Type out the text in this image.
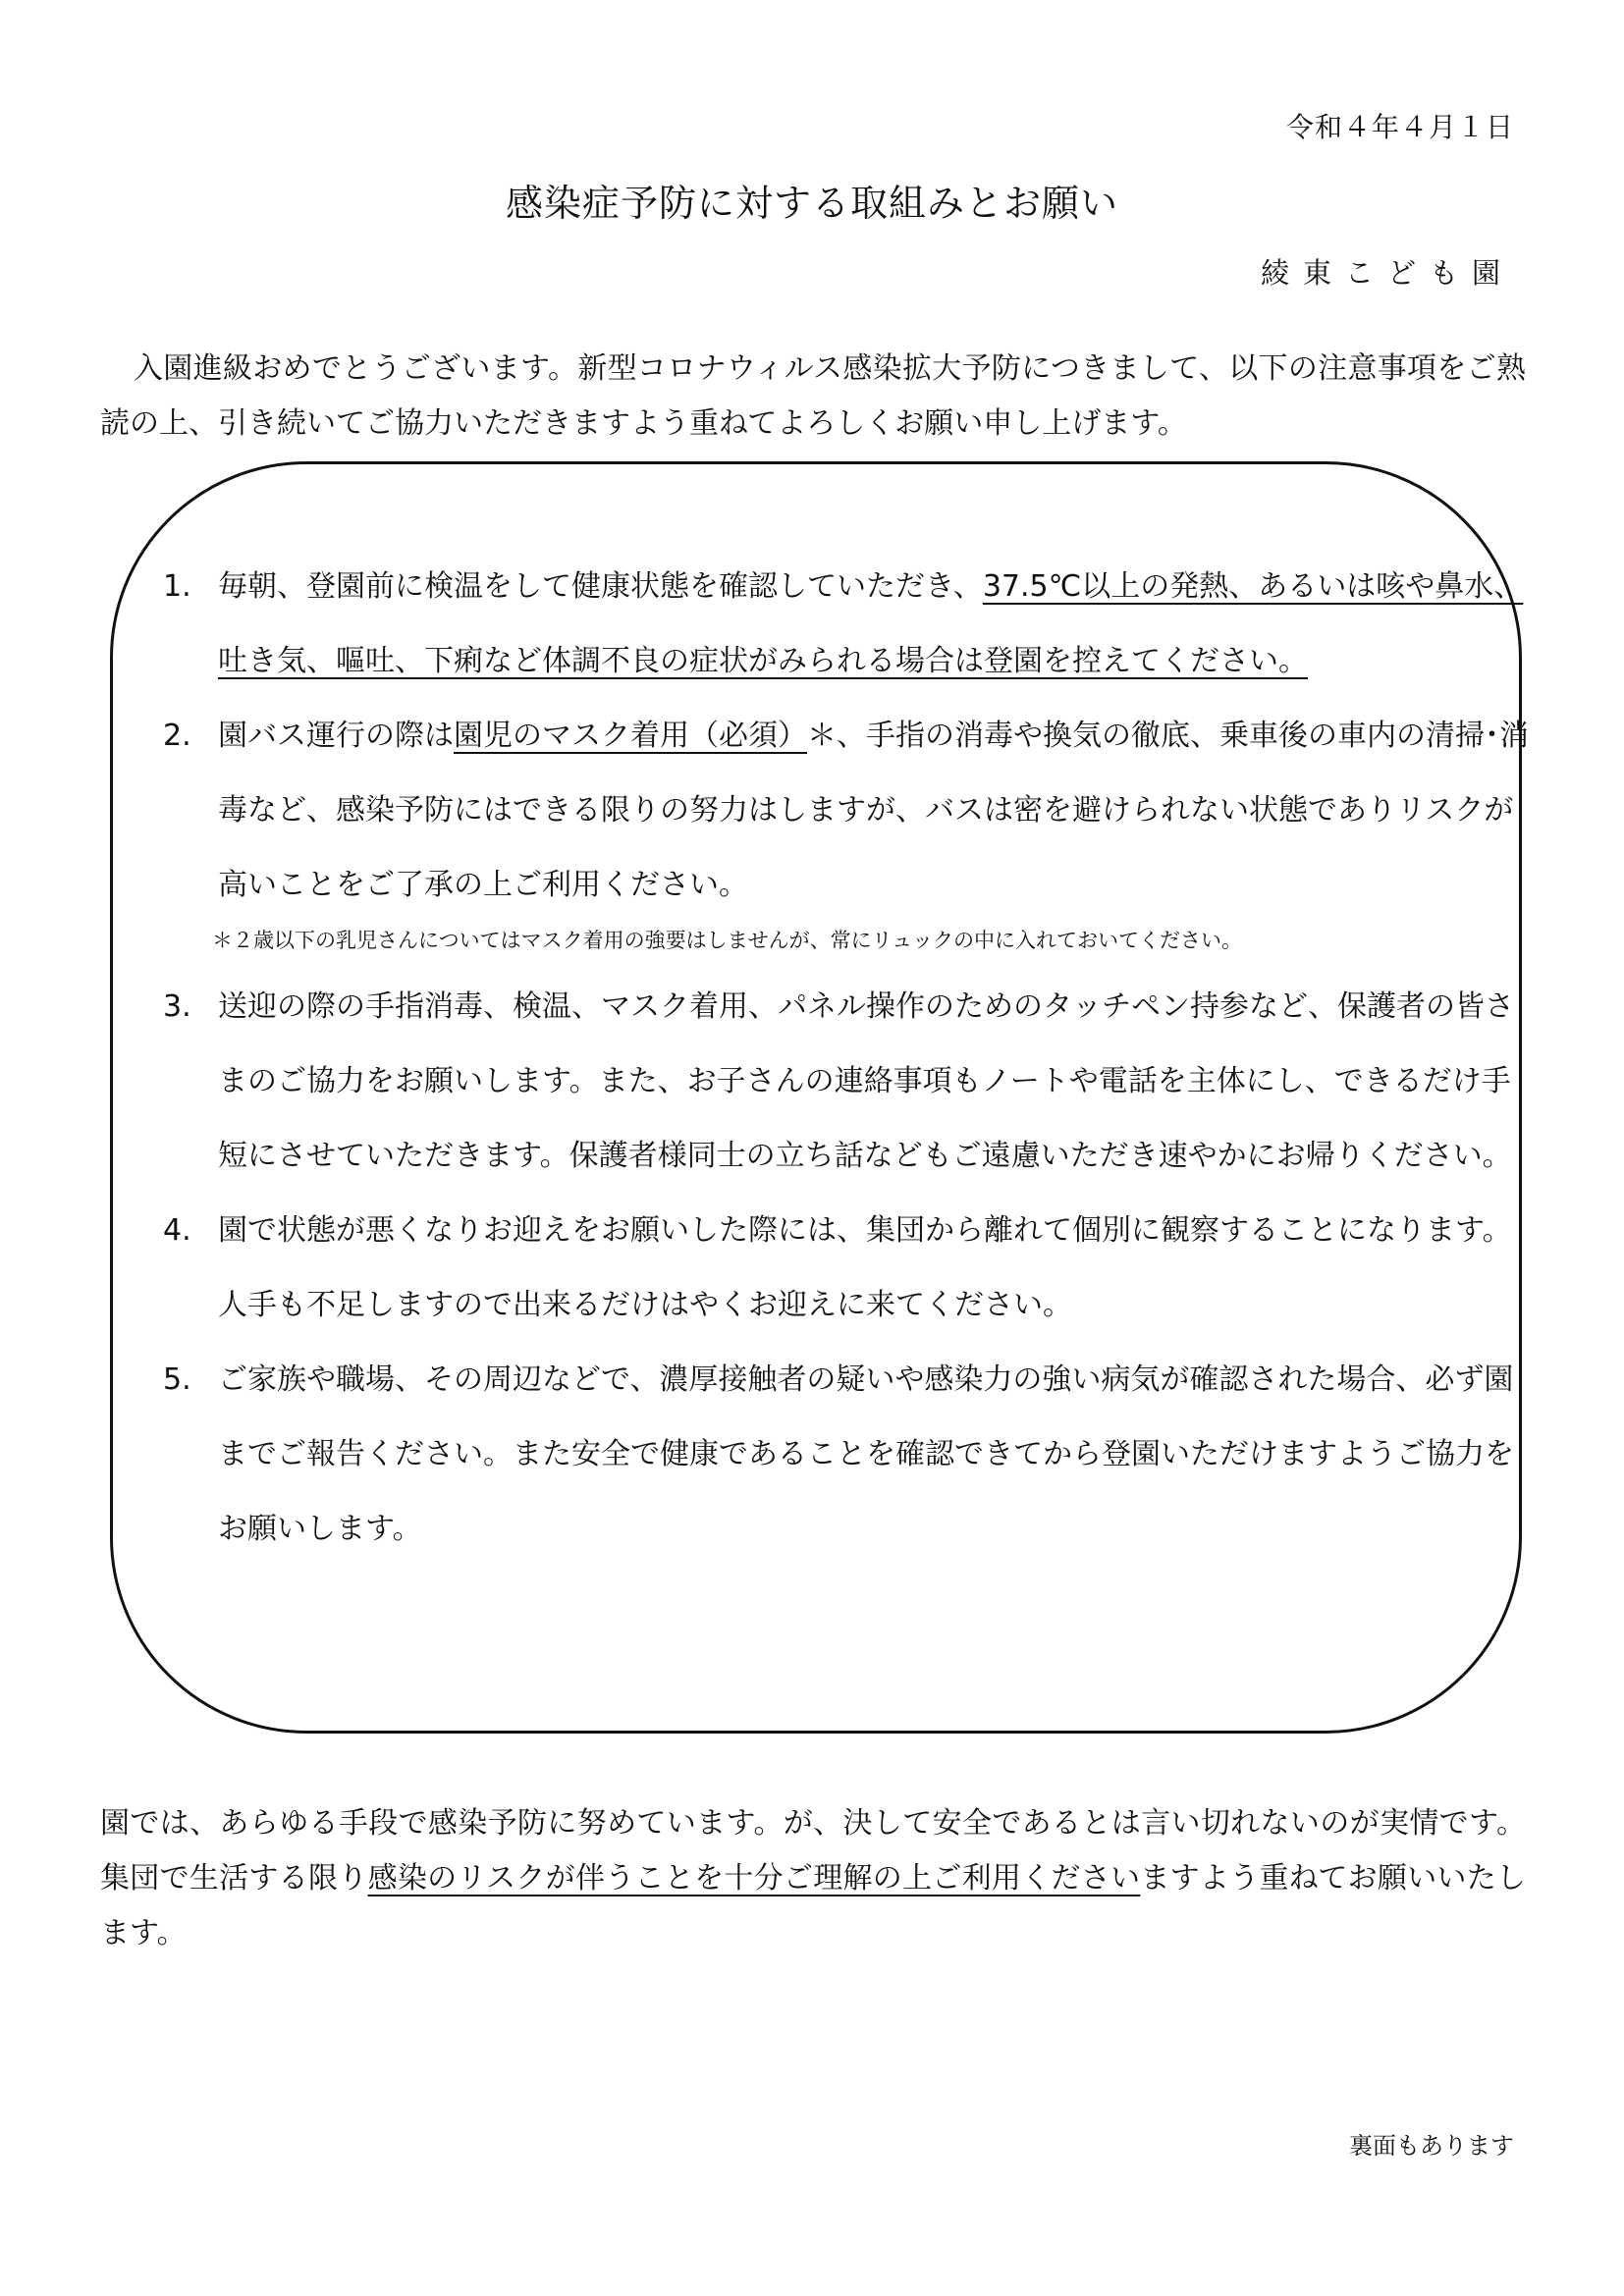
令和４年４月１日
感染症予防に対する取組みとお願い
綾東こども園

入園進級おめでとうございます。新型コロナウィルス感染拡大予防につきまして、以下の注意事項をご熟読の上、引き続いてご協力いただきますよう重ねてよろしくお願い申し上げます。

1. 毎朝、登園前に検温をして健康状態を確認していただき、37.5℃以上の発熱、あるいは咳や鼻水、吐き気、嘔吐、下痢など体調不良の症状がみられる場合は登園を控えてください。
2. 園バス運行の際は園児のマスク着用（必須）＊、手指の消毒や換気の徹底、乗車後の車内の清掃･消毒など、感染予防にはできる限りの努力はしますが、バスは密を避けられない状態でありリスクが高いことをご了承の上ご利用ください。
＊２歳以下の乳児さんについてはマスク着用の強要はしませんが、常にリュックの中に入れておいてください。
3. 送迎の際の手指消毒、検温、マスク着用、パネル操作のためのタッチペン持参など、保護者の皆さまのご協力をお願いします。また、お子さんの連絡事項もノートや電話を主体にし、できるだけ手短にさせていただきます。保護者様同士の立ち話などもご遠慮いただき速やかにお帰りください。
4. 園で状態が悪くなりお迎えをお願いした際には、集団から離れて個別に観察することになります。人手も不足しますので出来るだけはやくお迎えに来てください。
5. ご家族や職場、その周辺などで、濃厚接触者の疑いや感染力の強い病気が確認された場合、必ず園までご報告ください。また安全で健康であることを確認できてから登園いただけますようご協力をお願いします。

園では、あらゆる手段で感染予防に努めています。が、決して安全であるとは言い切れないのが実情です。集団で生活する限り感染のリスクが伴うことを十分ご理解の上ご利用くださいますよう重ねてお願いいたします。

裏面もあります
